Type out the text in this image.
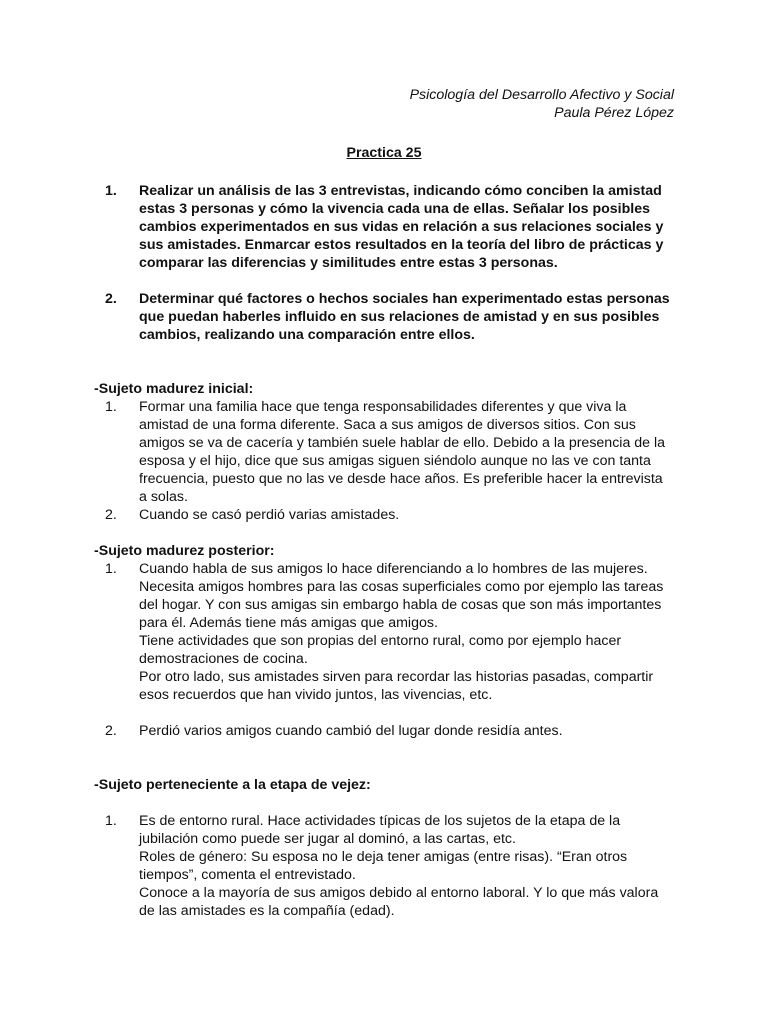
Psicología del Desarrollo Afectivo y Social
Paula Pérez López
Practica 25
1.	Realizar un análisis de las 3 entrevistas, indicando cómo conciben la amistad estas 3 personas y cómo la vivencia cada una de ellas. Señalar los posibles cambios experimentados en sus vidas en relación a sus relaciones sociales y sus amistades. Enmarcar estos resultados en la teoría del libro de prácticas y comparar las diferencias y similitudes entre estas 3 personas.
2.	Determinar qué factores o hechos sociales han experimentado estas personas que puedan haberles influido en sus relaciones de amistad y en sus posibles cambios, realizando una comparación entre ellos.
-Sujeto madurez inicial:
1.	Formar una familia hace que tenga responsabilidades diferentes y que viva la amistad de una forma diferente. Saca a sus amigos de diversos sitios. Con sus amigos se va de cacería y también suele hablar de ello. Debido a la presencia de la esposa y el hijo, dice que sus amigas siguen siéndolo aunque no las ve con tanta frecuencia, puesto que no las ve desde hace años. Es preferible hacer la entrevista a solas.
2.	Cuando se casó perdió varias amistades.
-Sujeto madurez posterior:
1.	Cuando habla de sus amigos lo hace diferenciando a lo hombres de las mujeres. Necesita amigos hombres para las cosas superficiales como por ejemplo las tareas del hogar. Y con sus amigas sin embargo habla de cosas que son más importantes para él. Además tiene más amigas que amigos.
Tiene actividades que son propias del entorno rural, como por ejemplo hacer demostraciones de cocina.
Por otro lado, sus amistades sirven para recordar las historias pasadas, compartir esos recuerdos que han vivido juntos, las vivencias, etc.
2.	Perdió varios amigos cuando cambió del lugar donde residía antes.
-Sujeto perteneciente a la etapa de vejez:
1.	Es de entorno rural. Hace actividades típicas de los sujetos de la etapa de la jubilación como puede ser jugar al dominó, a las cartas, etc.
Roles de género: Su esposa no le deja tener amigas (entre risas). “Eran otros tiempos”, comenta el entrevistado.
Conoce a la mayoría de sus amigos debido al entorno laboral. Y lo que más valora de las amistades es la compañía (edad).
